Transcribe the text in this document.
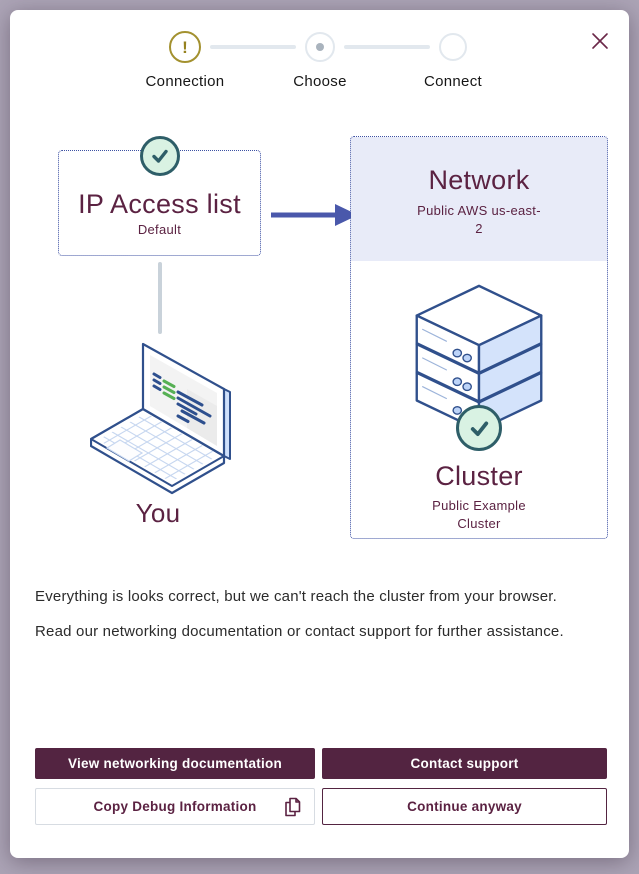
!
Connection	Choose	Connect
IP Access list
Default
Network
Public AWS us-east-2
Cluster
Public Example Cluster
You

Everything is looks correct, but we can't reach the cluster from your browser.

Read our networking documentation or contact support for further assistance.

View networking documentation	Contact support
Copy Debug Information	Continue anyway
